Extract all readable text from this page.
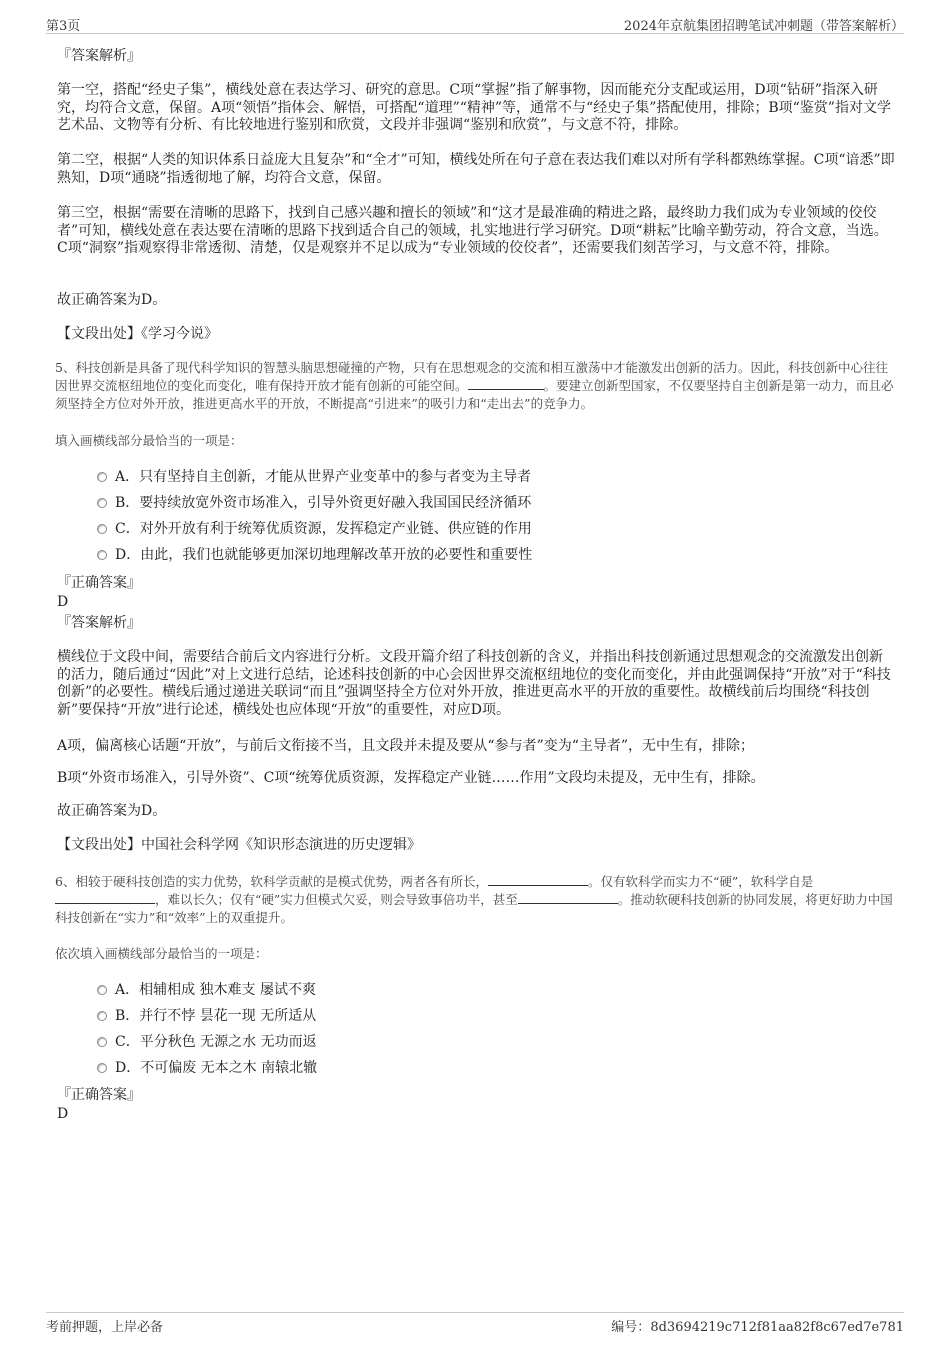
第3页	2024年京航集团招聘笔试冲刺题（带答案解析）
『答案解析』
第一空，搭配“经史子集”，横线处意在表达学习、研究的意思。C项“掌握”指了解事物，因而能充分支配或运用，D项“钻研”指深入研究，均符合文意，保留。A项“领悟”指体会、解悟，可搭配“道理”“精神”等，通常不与“经史子集”搭配使用，排除；B项“鉴赏”指对文学艺术品、文物等有分析、有比较地进行鉴别和欣赏，文段并非强调“鉴别和欣赏”，与文意不符，排除。
第二空，根据“人类的知识体系日益庞大且复杂”和“全才”可知，横线处所在句子意在表达我们难以对所有学科都熟练掌握。C项“谙悉”即熟知，D项“通晓”指透彻地了解，均符合文意，保留。
第三空，根据“需要在清晰的思路下，找到自己感兴趣和擅长的领域”和“这才是最准确的精进之路，最终助力我们成为专业领域的佼佼者”可知，横线处意在表达要在清晰的思路下找到适合自己的领域，扎实地进行学习研究。D项“耕耘”比喻辛勤劳动，符合文意，当选。C项“洞察”指观察得非常透彻、清楚，仅是观察并不足以成为“专业领域的佼佼者”，还需要我们刻苦学习，与文意不符，排除。
故正确答案为D。
【文段出处】《学习今说》
5、科技创新是具备了现代科学知识的智慧头脑思想碰撞的产物，只有在思想观念的交流和相互激荡中才能激发出创新的活力。因此，科技创新中心往往因世界交流枢纽地位的变化而变化，唯有保持开放才能有创新的可能空间。	。要建立创新型国家，不仅要坚持自主创新是第一动力，而且必须坚持全方位对外开放，推进更高水平的开放，不断提高“引进来”的吸引力和“走出去”的竞争力。
填入画横线部分最恰当的一项是：
A．只有坚持自主创新，才能从世界产业变革中的参与者变为主导者
B．要持续放宽外资市场准入，引导外资更好融入我国国民经济循环
C．对外开放有利于统筹优质资源，发挥稳定产业链、供应链的作用
D．由此，我们也就能够更加深切地理解改革开放的必要性和重要性
『正确答案』
D
『答案解析』
横线位于文段中间，需要结合前后文内容进行分析。文段开篇介绍了科技创新的含义，并指出科技创新通过思想观念的交流激发出创新的活力，随后通过“因此”对上文进行总结，论述科技创新的中心会因世界交流枢纽地位的变化而变化，并由此强调保持“开放”对于“科技创新”的必要性。横线后通过递进关联词“而且”强调坚持全方位对外开放，推进更高水平的开放的重要性。故横线前后均围绕“科技创新”要保持“开放”进行论述，横线处也应体现“开放”的重要性，对应D项。
A项，偏离核心话题“开放”，与前后文衔接不当，且文段并未提及要从“参与者”变为“主导者”，无中生有，排除；
B项“外资市场准入，引导外资”、C项“统筹优质资源，发挥稳定产业链……作用”文段均未提及，无中生有，排除。
故正确答案为D。
【文段出处】中国社会科学网《知识形态演进的历史逻辑》
6、相较于硬科技创造的实力优势，软科学贡献的是模式优势，两者各有所长，	。仅有软科学而实力不“硬”，软科学自是，难以长久；仅有“硬”实力但模式欠妥，则会导致事倍功半，甚至	。推动软硬科技创新的协同发展，将更好助力中国科技创新在“实力”和“效率”上的双重提升。
依次填入画横线部分最恰当的一项是：
A．相辅相成 独木难支 屡试不爽
B．并行不悖 昙花一现 无所适从
C．平分秋色 无源之水 无功而返
D．不可偏废 无本之木 南辕北辙
『正确答案』
D
考前押题，上岸必备	编号：8d3694219c712f81aa82f8c67ed7e781
